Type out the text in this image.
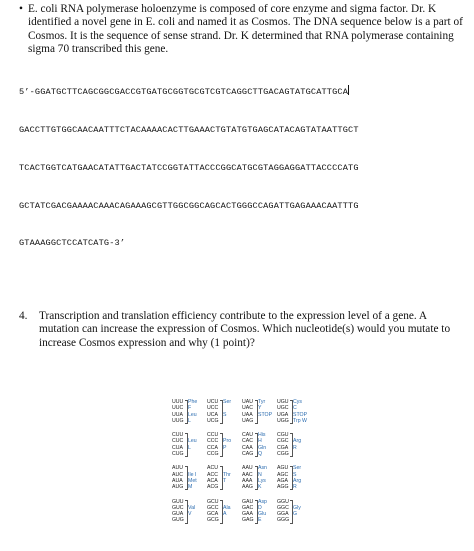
• E. coli RNA polymerase holoenzyme is composed of core enzyme and sigma factor. Dr. K identified a novel gene in E. coli and named it as Cosmos. The DNA sequence below is a part of Cosmos. It is the sequence of sense strand. Dr. K determined that RNA polymerase containing sigma 70 transcribed this gene.

5’-GGATGCTTCAGCGGCGACCGTGATGCGGTGCGTCGTCAGGCTTGACAGTATGCATTGCA

GACCTTGTGGCAACAATTTCTACAAAACACTTGAAACTGTATGTGAGCATACAGTATAATTGCT

TCACTGGTCATGAACATATTGACTATCCGGTATTACCCGGCATGCGTAGGAGGATTACCCCATG

GCTATCGACGAAAACAAACAGAAAGCGTTGGCGGCAGCACTGGGCCAGATTGAGAAACAATTTG

GTAAAGGCTCCATCATG-3’

4. Transcription and translation efficiency contribute to the expression level of a gene. A mutation can increase the expression of Cosmos. Which nucleotide(s) would you mutate to increase Cosmos expression and why (1 point)?
UUU Phe
UUC F
UUA Leu
UUG L
UCU Ser
UCC
UCA S
UCG
UAU Tyr
UAC Y
UAA	STOP
UAG
UGU Cys
UGC C
UGA STOP
UGG Trp W
CUU
CUC Leu
CUA L
CUG
CCU
CCC Pro
CCA P
CCG
CAU His
CAC H
CAA	Gln
CAG Q
CGU
CGC Arg
CGA R
CGG
AUU
AUC Ile I
AUA	Met
AUG M
ACU
ACC Thr
ACA	T
ACG
AAU	Asn
AAC	N
AAA	Lys
AAG K
AGU Ser
AGC S
AGA Arg
AGG R
GUU
GUC Val
GUA V
GUG
GCU
GCC Ala
GCA A
GCG
GAU Asp
GAC D
GAA Glu
GAG E
GGU
GGC Gly
GGA G
GGG
